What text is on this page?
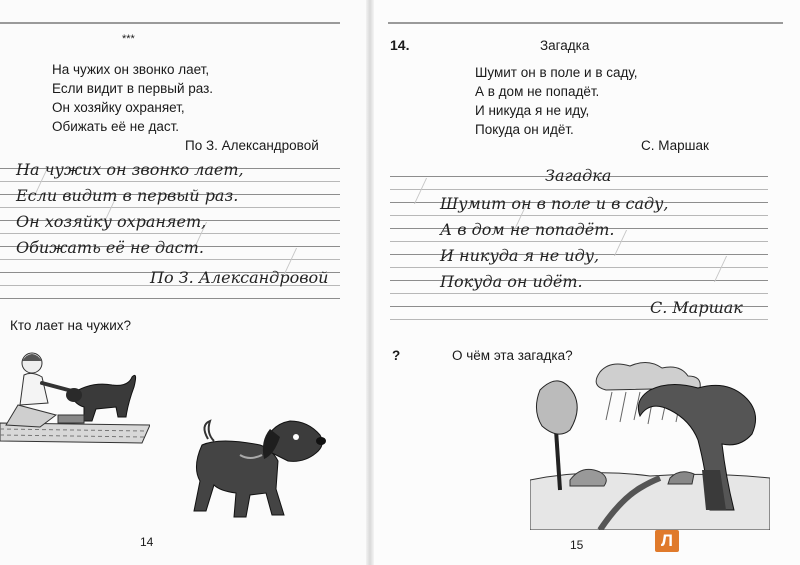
***
На чужих он звонко лает,
Если видит в первый раз.
Он хозяйку охраняет,
Обижать её не даст.
По З. Александровой
На чужих он звонко лает,
Если видит в первый раз.
Он хозяйку охраняет,
Обижать её не даст.
По З. Александровой
Кто лает на чужих?
14
14.	Загадка
Шумит он в поле и в саду,
А в дом не попадёт.
И никуда я не иду,
Покуда он идёт.
С. Маршак
Загадка
Шумит он в поле и в саду,
А в дом не попадёт.
И никуда я не иду,
Покуда он идёт.
С. Маршак
?	О чём эта загадка?
15	Л
